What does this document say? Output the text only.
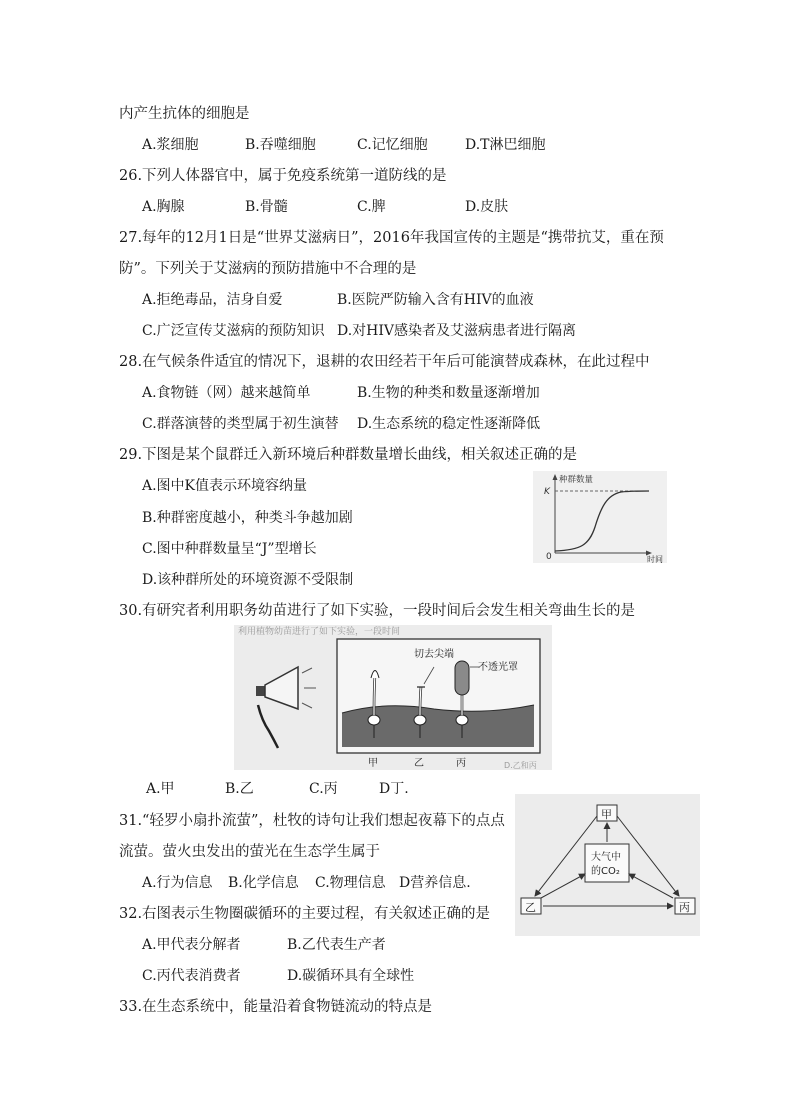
内产生抗体的细胞是
A.浆细胞	B.吞噬细胞	C.记忆细胞	D.T淋巴细胞
26.下列人体器官中，属于免疫系统第一道防线的是
A.胸腺	B.骨髓	C.脾	D.皮肤
27.每年的12月1日是“世界艾滋病日”，2016年我国宣传的主题是“携带抗艾，重在预
防”。下列关于艾滋病的预防措施中不合理的是
A.拒绝毒品，洁身自爱	B.医院严防输入含有HIV的血液
C.广泛宣传艾滋病的预防知识 D.对HIV感染者及艾滋病患者进行隔离
28.在气候条件适宜的情况下，退耕的农田经若干年后可能演替成森林，在此过程中
A.食物链（网）越来越简单	B.生物的种类和数量逐渐增加
C.群落演替的类型属于初生演替 D.生态系统的稳定性逐渐降低
29.下图是某个鼠群迁入新环境后种群数量增长曲线，相关叙述正确的是
A.图中K值表示环境容纳量
B.种群密度越小，种类斗争越加剧
C.图中种群数量呈“J”型增长
D.该种群所处的环境资源不受限制
种群数量
K
0	时间
30.有研究者利用职务幼苗进行了如下实验，一段时间后会发生相关弯曲生长的是
利用植物幼苗进行了如下实验，一段时间
切去尖端
不透光罩
甲	乙	丙	D.乙和丙
A.甲	B.乙	C.丙	D丁.
31.“轻罗小扇扑流萤”，杜牧的诗句让我们想起夜幕下的点点
流萤。萤火虫发出的萤光在生态学生属于
A.行为信息 B.化学信息 C.物理信息 D营养信息.
甲
大气中
的CO₂
乙	丙
32.右图表示生物圈碳循环的主要过程，有关叙述正确的是
A.甲代表分解者	B.乙代表生产者
C.丙代表消费者	D.碳循环具有全球性
33.在生态系统中，能量沿着食物链流动的特点是
